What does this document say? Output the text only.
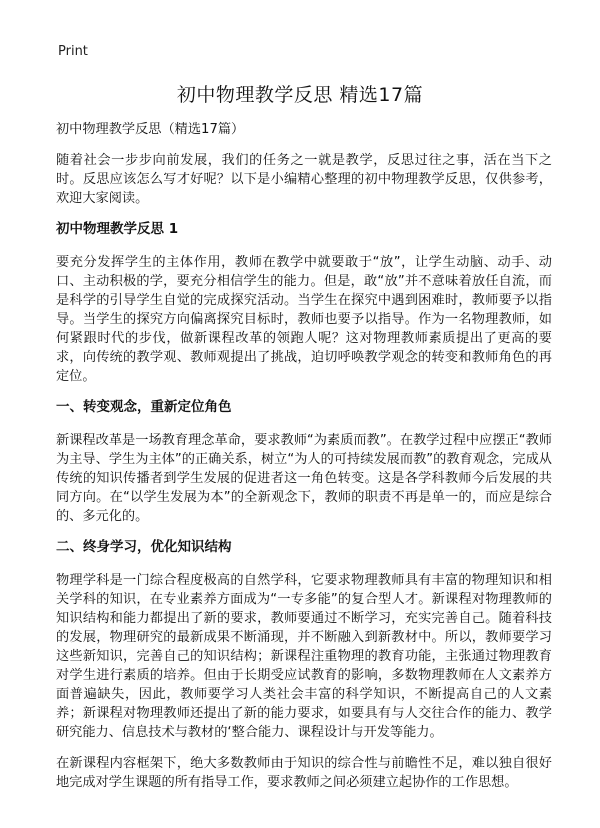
Print
初中物理教学反思 精选17篇

初中物理教学反思（精选17篇）

随着社会一步步向前发展，我们的任务之一就是教学，反思过往之事，活在当下之时。反思应该怎么写才好呢？以下是小编精心整理的初中物理教学反思，仅供参考，欢迎大家阅读。

初中物理教学反思 1

要充分发挥学生的主体作用，教师在教学中就要敢于“放”，让学生动脑、动手、动口、主动积极的学，要充分相信学生的能力。但是，敢“放”并不意味着放任自流，而是科学的引导学生自觉的完成探究活动。当学生在探究中遇到困难时，教师要予以指导。当学生的探究方向偏离探究目标时，教师也要予以指导。作为一名物理教师，如何紧跟时代的步伐，做新课程改革的领跑人呢？这对物理教师素质提出了更高的要求，向传统的教学观、教师观提出了挑战，迫切呼唤教学观念的转变和教师角色的再定位。

一、转变观念，重新定位角色

新课程改革是一场教育理念革命，要求教师“为素质而教”。在教学过程中应摆正“教师为主导、学生为主体”的正确关系，树立“为人的可持续发展而教”的教育观念，完成从传统的知识传播者到学生发展的促进者这一角色转变。这是各学科教师今后发展的共同方向。在“以学生发展为本”的全新观念下，教师的职责不再是单一的，而应是综合的、多元化的。

二、终身学习，优化知识结构

物理学科是一门综合程度极高的自然学科，它要求物理教师具有丰富的物理知识和相关学科的知识，在专业素养方面成为“一专多能”的复合型人才。新课程对物理教师的知识结构和能力都提出了新的要求，教师要通过不断学习，充实完善自己。随着科技的发展，物理研究的最新成果不断涌现，并不断融入到新教材中。所以，教师要学习这些新知识，完善自己的知识结构；新课程注重物理的教育功能，主张通过物理教育对学生进行素质的培养。但由于长期受应试教育的影响，多数物理教师在人文素养方面普遍缺失，因此，教师要学习人类社会丰富的科学知识，不断提高自己的人文素养；新课程对物理教师还提出了新的能力要求，如要具有与人交往合作的能力、教学研究能力、信息技术与教材的‘整合能力、课程设计与开发等能力。

在新课程内容框架下，绝大多数教师由于知识的综合性与前瞻性不足，难以独自很好地完成对学生课题的所有指导工作，要求教师之间必须建立起协作的工作思想。
